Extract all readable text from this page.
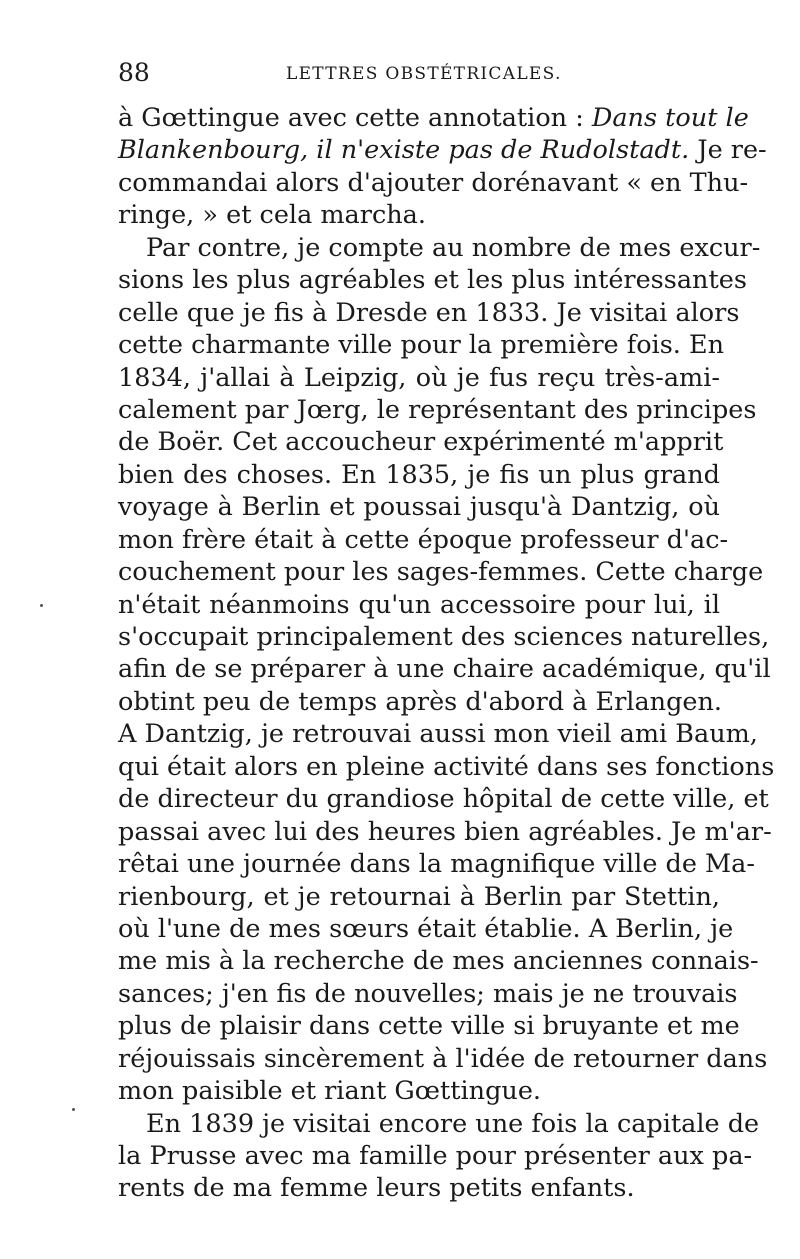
88	LETTRES OBSTÉTRICALES.
à Gœttingue avec cette annotation : Dans tout le
Blankenbourg, il n'existe pas de Rudolstadt. Je re-
commandai alors d'ajouter dorénavant « en Thu-
ringe, » et cela marcha.
Par contre, je compte au nombre de mes excur-
sions les plus agréables et les plus intéressantes
celle que je fis à Dresde en 1833. Je visitai alors
cette charmante ville pour la première fois. En
1834, j'allai à Leipzig, où je fus reçu très-ami-
calement par Jœrg, le représentant des principes
de Boër. Cet accoucheur expérimenté m'apprit
bien des choses. En 1835, je fis un plus grand
voyage à Berlin et poussai jusqu'à Dantzig, où
mon frère était à cette époque professeur d'ac-
couchement pour les sages-femmes. Cette charge
n'était néanmoins qu'un accessoire pour lui, il
s'occupait principalement des sciences naturelles,
afin de se préparer à une chaire académique, qu'il
obtint peu de temps après d'abord à Erlangen.
A Dantzig, je retrouvai aussi mon vieil ami Baum,
qui était alors en pleine activité dans ses fonctions
de directeur du grandiose hôpital de cette ville, et
passai avec lui des heures bien agréables. Je m'ar-
rêtai une journée dans la magnifique ville de Ma-
rienbourg, et je retournai à Berlin par Stettin,
où l'une de mes sœurs était établie. A Berlin, je
me mis à la recherche de mes anciennes connais-
sances; j'en fis de nouvelles; mais je ne trouvais
plus de plaisir dans cette ville si bruyante et me
réjouissais sincèrement à l'idée de retourner dans
mon paisible et riant Gœttingue.
En 1839 je visitai encore une fois la capitale de
la Prusse avec ma famille pour présenter aux pa-
rents de ma femme leurs petits enfants.
